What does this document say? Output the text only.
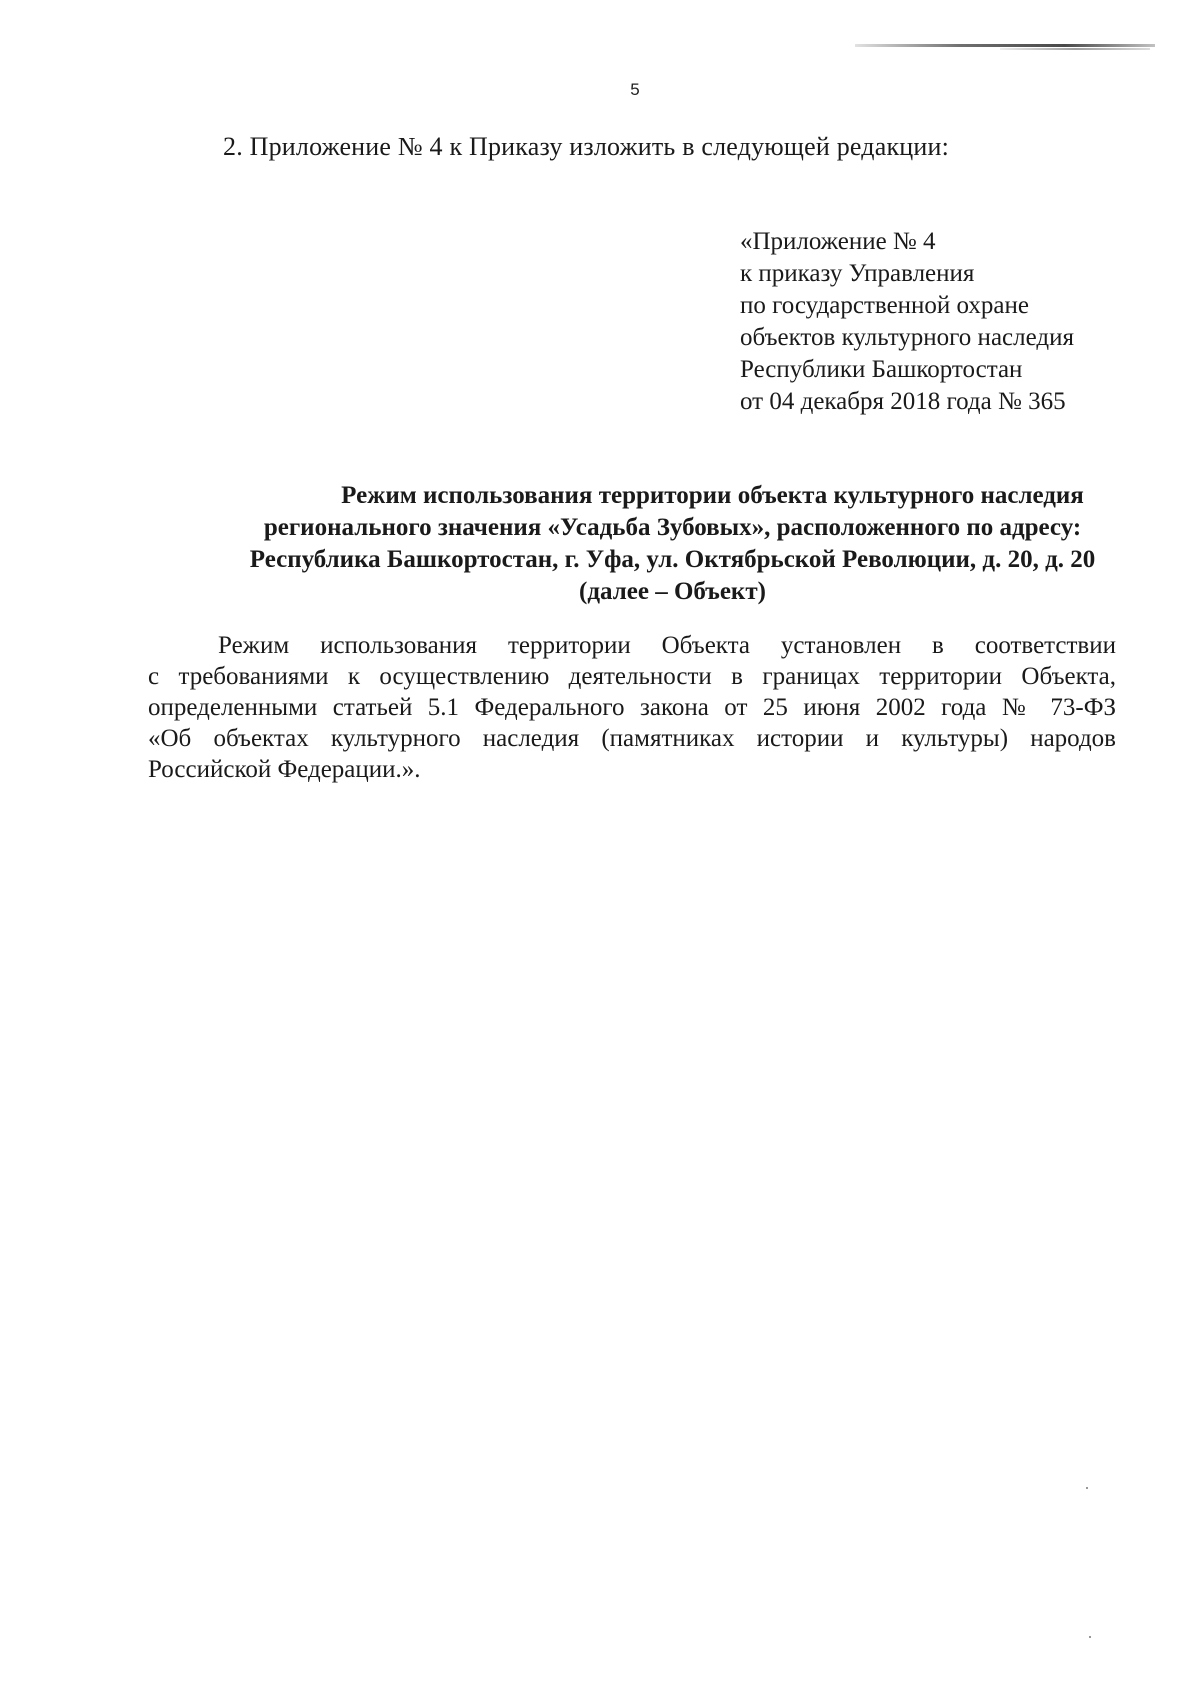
5
2. Приложение № 4 к Приказу изложить в следующей редакции:
«Приложение № 4
к приказу Управления
по государственной охране
объектов культурного наследия
Республики Башкортостан
от 04 декабря 2018 года № 365
Режим использования территории объекта культурного наследия
регионального значения «Усадьба Зубовых», расположенного по адресу:
Республика Башкортостан, г. Уфа, ул. Октябрьской Революции, д. 20, д. 20
(далее – Объект)
Режим использования территории Объекта установлен в соответствии
с требованиями к осуществлению деятельности в границах территории Объекта,
определенными статьей 5.1 Федерального закона от 25 июня 2002 года № 73-ФЗ
«Об объектах культурного наследия (памятниках истории и культуры) народов
Российской Федерации.».
